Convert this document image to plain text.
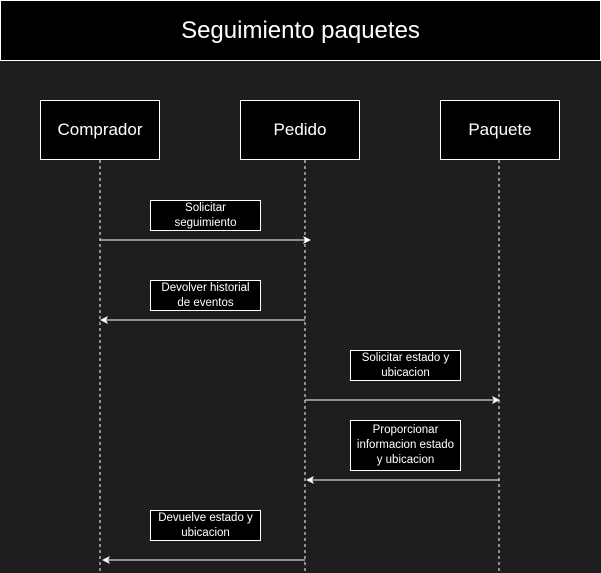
Seguimiento paquetes
Comprador	Pedido	Paquete
Solicitar
seguimiento
Devolver historial
de eventos
Solicitar estado y
ubicacion
Proporcionar
informacion estado
y ubicacion
Devuelve estado y
ubicacion
